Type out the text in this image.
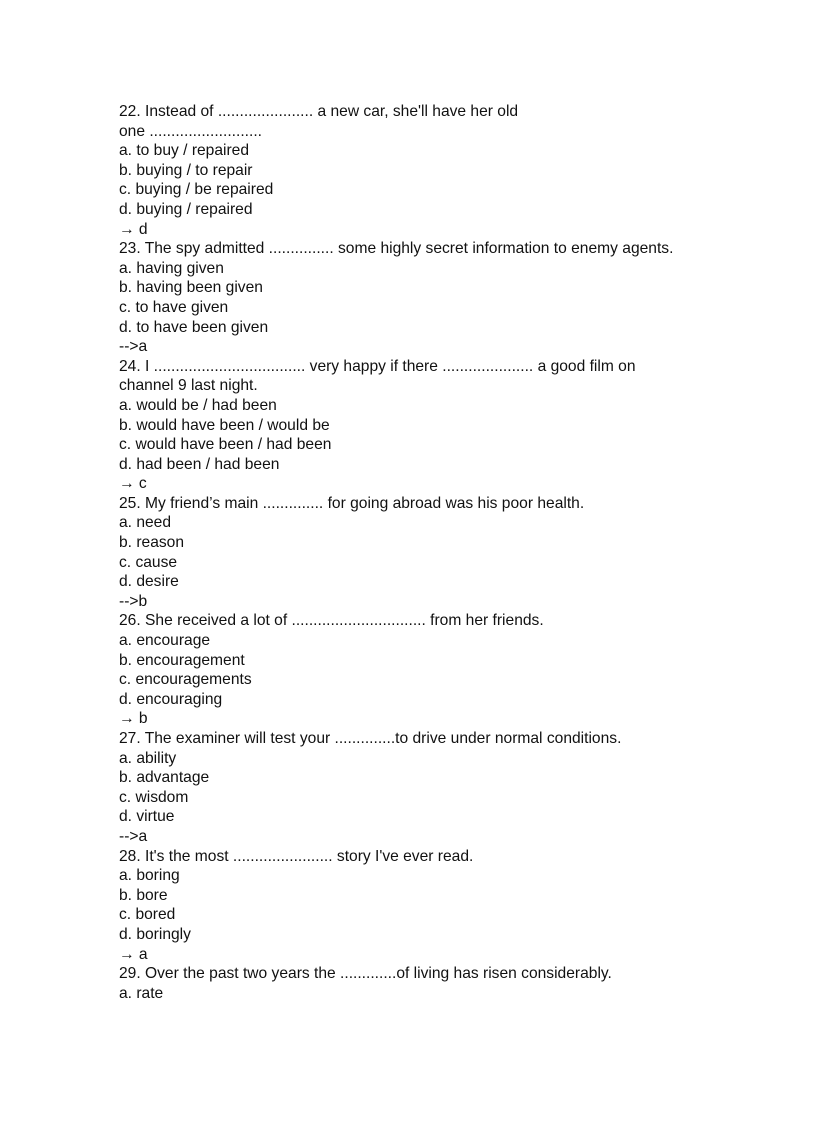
22. Instead of ...................... a new car, she'll have her old
one ..........................
a. to buy / repaired
b. buying / to repair
c. buying / be repaired
d. buying / repaired
→ d
23. The spy admitted ............... some highly secret information to enemy agents.
a. having given
b. having been given
c. to have given
d. to have been given
-->a
24. I ................................... very happy if there ..................... a good film on
channel 9 last night.
a. would be / had been
b. would have been / would be
c. would have been / had been
d. had been / had been
→ c
25. My friend’s main .............. for going abroad was his poor health.
a. need
b. reason
c. cause
d. desire
-->b
26. She received a lot of ............................... from her friends.
a. encourage
b. encouragement
c. encouragements
d. encouraging
→ b
27. The examiner will test your ..............to drive under normal conditions.
a. ability
b. advantage
c. wisdom
d. virtue
-->a
28. It's the most ....................... story I've ever read.
a. boring
b. bore
c. bored
d. boringly
→ a
29. Over the past two years the .............of living has risen considerably.
a. rate
